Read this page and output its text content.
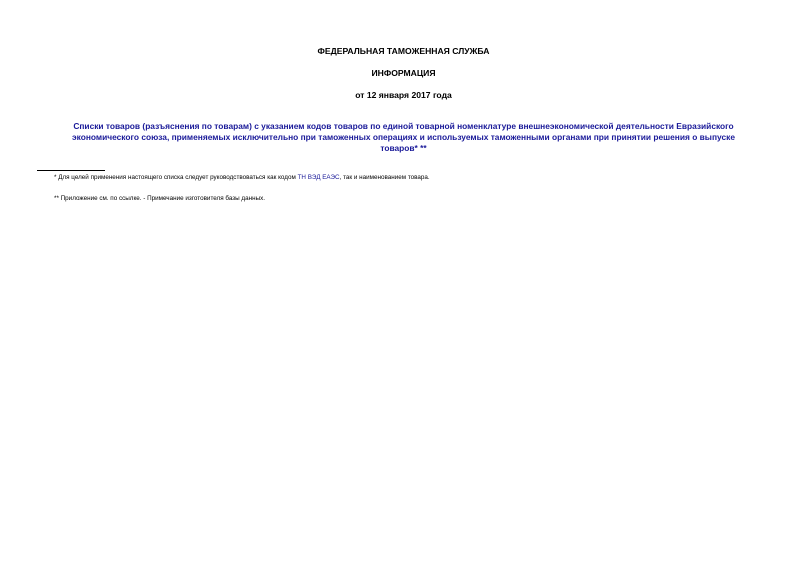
ФЕДЕРАЛЬНАЯ ТАМОЖЕННАЯ СЛУЖБА
ИНФОРМАЦИЯ
от 12 января 2017 года
Списки товаров (разъяснения по товарам) с указанием кодов товаров по единой товарной номенклатуре внешнеэкономической деятельности Евразийского
экономического союза, применяемых исключительно при таможенных операциях и используемых таможенными органами при принятии решения о выпуске
товаров* **
* Для целей применения настоящего списка следует руководствоваться как кодом ТН ВЭД ЕАЭС, так и наименованием товара.
** Приложение см. по ссылке. - Примечание изготовителя базы данных.
